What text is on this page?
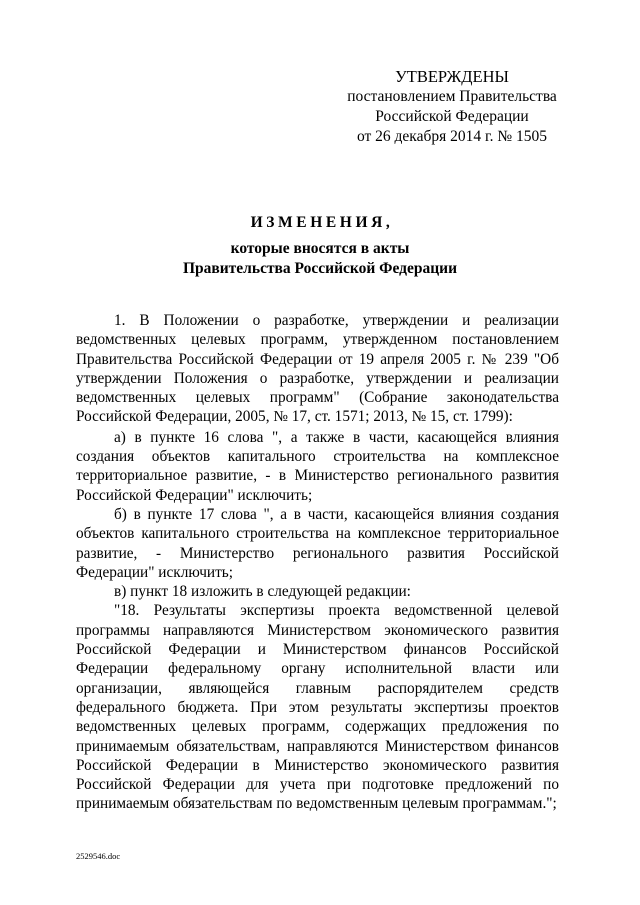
УТВЕРЖДЕНЫ
постановлением Правительства
Российской Федерации
от 26 декабря 2014 г. № 1505
ИЗМЕНЕНИЯ,
которые вносятся в акты
Правительства Российской Федерации

1. В Положении о разработке, утверждении и реализации ведомственных целевых программ, утвержденном постановлением Правительства Российской Федерации от 19 апреля 2005 г. № 239 "Об утверждении Положения о разработке, утверждении и реализации ведомственных целевых программ" (Собрание законодательства Российской Федерации, 2005, № 17, ст. 1571; 2013, № 15, ст. 1799):

а) в пункте 16 слова ", а также в части, касающейся влияния создания объектов капитального строительства на комплексное территориальное развитие, - в Министерство регионального развития Российской Федерации" исключить;

б) в пункте 17 слова ", а в части, касающейся влияния создания объектов капитального строительства на комплексное территориальное развитие, - Министерство регионального развития Российской Федерации" исключить;

в) пункт 18 изложить в следующей редакции:

"18. Результаты экспертизы проекта ведомственной целевой программы направляются Министерством экономического развития Российской Федерации и Министерством финансов Российской Федерации федеральному органу исполнительной власти или организации, являющейся главным распорядителем средств федерального бюджета. При этом результаты экспертизы проектов ведомственных целевых программ, содержащих предложения по принимаемым обязательствам, направляются Министерством финансов Российской Федерации в Министерство экономического развития Российской Федерации для учета при подготовке предложений по принимаемым обязательствам по ведомственным целевым программам.";

2529546.doc
